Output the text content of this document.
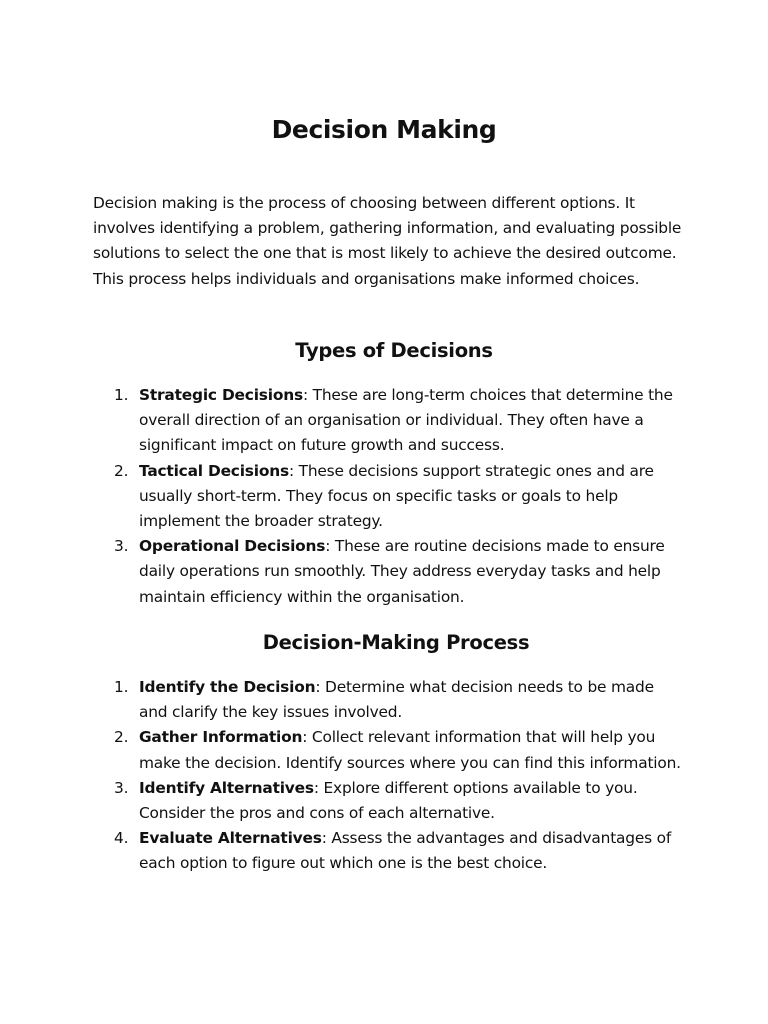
Decision Making

Decision making is the process of choosing between different options. It involves identifying a problem, gathering information, and evaluating possible solutions to select the one that is most likely to achieve the desired outcome. This process helps individuals and organisations make informed choices.

Types of Decisions
1. Strategic Decisions: These are long-term choices that determine the overall direction of an organisation or individual. They often have a significant impact on future growth and success.
2. Tactical Decisions: These decisions support strategic ones and are usually short-term. They focus on specific tasks or goals to help implement the broader strategy.
3. Operational Decisions: These are routine decisions made to ensure daily operations run smoothly. They address everyday tasks and help maintain efficiency within the organisation.
Decision-Making Process
1. Identify the Decision: Determine what decision needs to be made and clarify the key issues involved.
2. Gather Information: Collect relevant information that will help you make the decision. Identify sources where you can find this information.
3. Identify Alternatives: Explore different options available to you. Consider the pros and cons of each alternative.
4. Evaluate Alternatives: Assess the advantages and disadvantages of each option to figure out which one is the best choice.
